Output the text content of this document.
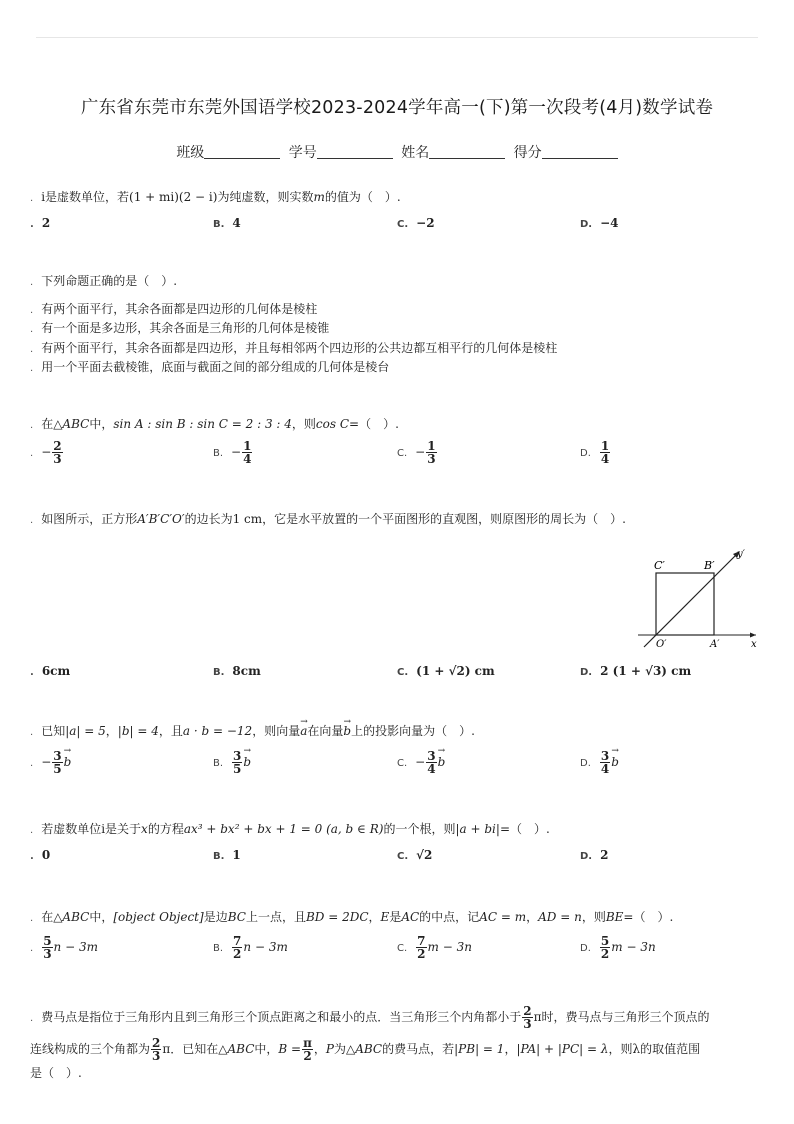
广东省东莞市东莞外国语学校2023-2024学年高一(下)第一次段考(4月)数学试卷
班级	学号	姓名	得分
. i是虚数单位，若(1 + mi)(2 − i)为纯虚数，则实数m的值为（　）.
. 2	B. 4	C. −2	D. −4
. 下列命题正确的是（　）.
. 有两个面平行，其余各面都是四边形的几何体是棱柱
. 有一个面是多边形，其余各面是三角形的几何体是棱锥
. 有两个面平行，其余各面都是四边形，并且每相邻两个四边形的公共边都互相平行的几何体是棱柱
. 用一个平面去截棱锥，底面与截面之间的部分组成的几何体是棱台
. 在△ABC中，sin A : sin B : sin C = 2 : 3 : 4，则cos C=（　）.
. − $\frac{2}{3}$	B. − $\frac{1}{4}$	C. − $\frac{1}{3}$	D. $\frac{1}{4}$
. 如图所示，正方形A′B′C′O′的边长为1 cm，它是水平放置的一个平面图形的直观图，则原图形的周长为（　）.
C′	B′
O′	A′	x
y′
. 6cm	B. 8cm	C. (1 + √2) cm	D. 2 (1 + √3) cm
. 已知|a| = 5，|b| = 4，且a · b = −12，则向量→ a在向量→ b上的投影向量为（　）.
. − $\frac{3}{5}$
→ b	B. $\frac{3}{5}$
→ b	C. − $\frac{3}{4}$
→ b	D. $\frac{3}{4}$
→ b
. 若虚数单位i是关于x的方程ax³ + bx² + bx + 1 = 0 (a, b ∈ R)的一个根，则|a + bi|=（　）.
. 0	B. 1	C. √2	D. 2
. 在△ABC中，[object Object]是边BC上一点，且BD = 2DC，E是AC的中点，记AC = m，AD = n，则BE=（　）.
. $\frac{5}{3}$ n − 3m	B. $\frac{7}{2}$ n − 3m	C. $\frac{7}{2}$ m − 3n	D. $\frac{5}{2}$ m − 3n
. 费马点是指位于三角形内且到三角形三个顶点距离之和最小的点．当三角形三个内角都小于 $\frac{2}{3}$ π时，费马点与三角形三个顶点的
连线构成的三个角都为 $\frac{2}{3}$ π．已知在△ABC中，$B = \frac{\pi}{2}$ ，P为△ABC的费马点，若|PB| = 1，|PA| + |PC| = λ，则λ的取值范围
是（　）.
